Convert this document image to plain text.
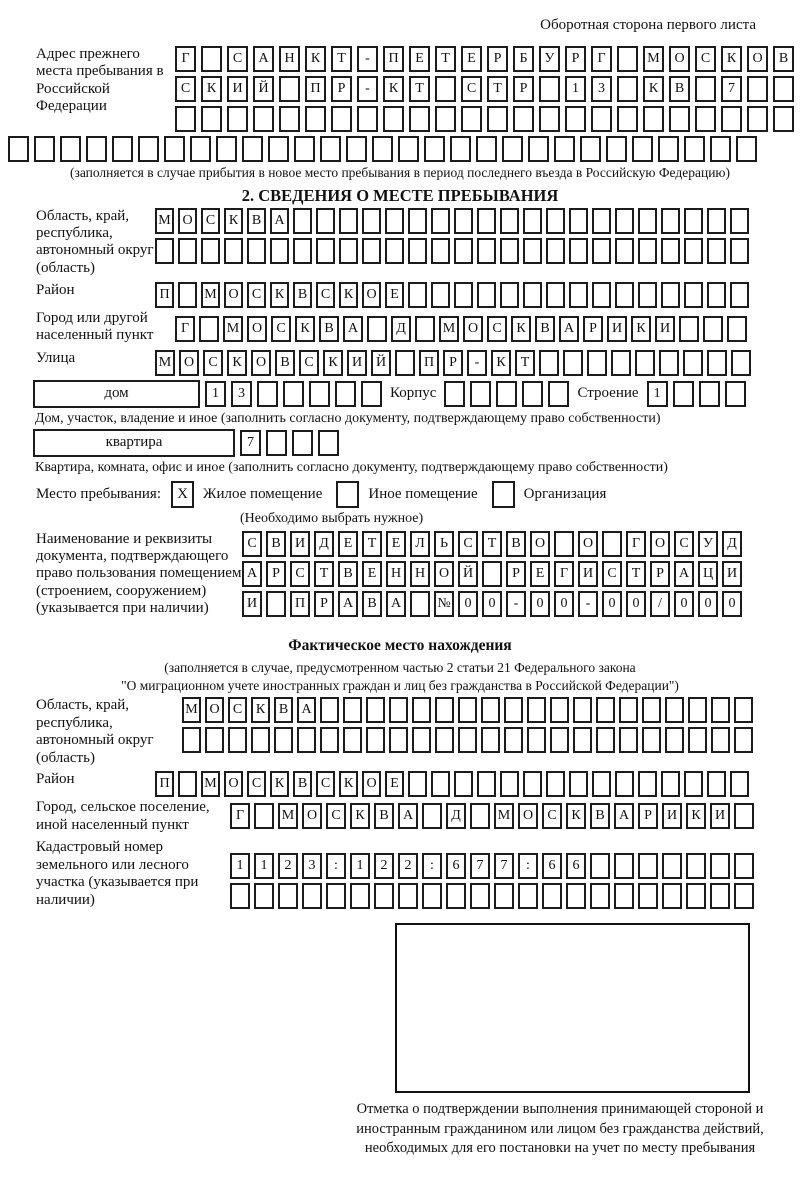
Оборотная сторона первого листа
Адрес прежнего места пребывания в Российской Федерации
Г	С	А	Н	К	Т	-	П	Е	Т	Е	Р	Б	У	Р	Г	М	О	С	К	О	В
С	К	И	Й	П	Р	-	К	Т	С	Т	Р	1	3	К	В	7
(заполняется в случае прибытия в новое место пребывания в период последнего въезда в Российскую Федерацию)
2. СВЕДЕНИЯ О МЕСТЕ ПРЕБЫВАНИЯ
Область, край, республика, автономный округ (область)
М О С К В А
Район	П	М О С К В С К О Е
Город или другой населенный пункт	Г	М О	С	К	В	А	Д	М О	С	К	В	А	Р	И	К	И
Улица	М О	С	К	О	В	С	К	И Й	П	Р	-	К	Т
дом	1	3	Корпус	Строение	1
Дом, участок, владение и иное (заполнить согласно документу, подтверждающему право собственности)
квартира	7
Квартира, комната, офис и иное (заполнить согласно документу, подтверждающему право собственности)
Место пребывания:	X	Жилое помещение	Иное помещение	Организация
(Необходимо выбрать нужное)
Наименование и реквизиты документа, подтверждающего право пользования помещением (строением, сооружением) (указывается при наличии)
С	В	И	Д	Е	Т	Е	Л	Ь	С	Т	В	О	О	Г	О	С	У	Д
А	Р	С	Т	В	Е	Н Н О Й	Р	Е	Г	И	С	Т	Р	А Ц И
И	П	Р	А	В	А	№ 0	0	-	0	0	-	0	0	/	0	0	0
Фактическое место нахождения
(заполняется в случае, предусмотренном частью 2 статьи 21 Федерального закона
"О миграционном учете иностранных граждан и лиц без гражданства в Российской Федерации")
Область, край, республика, автономный округ (область)
М О С К В А
Район	П	М О С К В С К О Е
Город, сельское поселение, иной населенный пункт
Г	М О	С	К	В	А	Д	М О	С	К	В	А	Р	И	К	И
Кадастровый номер земельного или лесного участка (указывается при наличии)
1	1	2	3	:	1	2	2	:	6	7	7	:	6	6
Отметка о подтверждении выполнения принимающей стороной и иностранным гражданином или лицом без гражданства действий, необходимых для его постановки на учет по месту пребывания
